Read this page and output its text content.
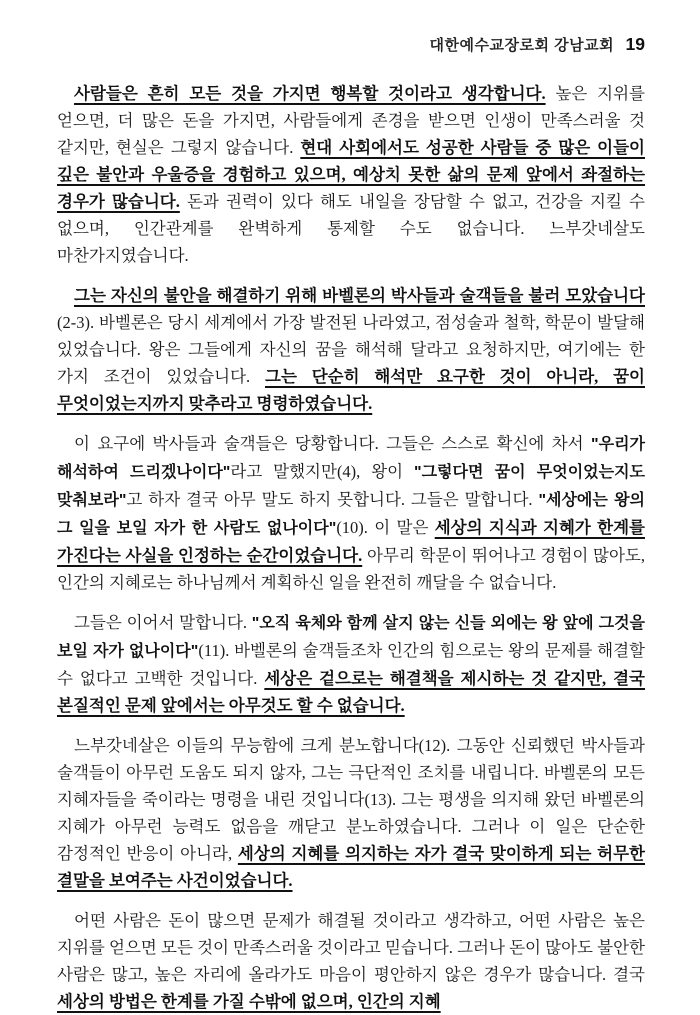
대한예수교장로회 강남교회 19

사람들은 흔히 모든 것을 가지면 행복할 것이라고 생각합니다. 높은 지위를 얻으면, 더 많은 돈을 가지면, 사람들에게 존경을 받으면 인생이 만족스러울 것 같지만, 현실은 그렇지 않습니다. 현대 사회에서도 성공한 사람들 중 많은 이들이 깊은 불안과 우울증을 경험하고 있으며, 예상치 못한 삶의 문제 앞에서 좌절하는 경우가 많습니다. 돈과 권력이 있다 해도 내일을 장담할 수 없고, 건강을 지킬 수 없으며, 인간관계를 완벽하게 통제할 수도 없습니다. 느부갓네살도 마찬가지였습니다.

그는 자신의 불안을 해결하기 위해 바벨론의 박사들과 술객들을 불러 모았습니다(2-3). 바벨론은 당시 세계에서 가장 발전된 나라였고, 점성술과 철학, 학문이 발달해 있었습니다. 왕은 그들에게 자신의 꿈을 해석해 달라고 요청하지만, 여기에는 한 가지 조건이 있었습니다. 그는 단순히 해석만 요구한 것이 아니라, 꿈이 무엇이었는지까지 맞추라고 명령하였습니다.

이 요구에 박사들과 술객들은 당황합니다. 그들은 스스로 확신에 차서 "우리가 해석하여 드리겠나이다"라고 말했지만(4), 왕이 "그렇다면 꿈이 무엇이었는지도 맞춰보라"고 하자 결국 아무 말도 하지 못합니다. 그들은 말합니다. "세상에는 왕의 그 일을 보일 자가 한 사람도 없나이다"(10). 이 말은 세상의 지식과 지혜가 한계를 가진다는 사실을 인정하는 순간이었습니다. 아무리 학문이 뛰어나고 경험이 많아도, 인간의 지혜로는 하나님께서 계획하신 일을 완전히 깨달을 수 없습니다.

그들은 이어서 말합니다. "오직 육체와 함께 살지 않는 신들 외에는 왕 앞에 그것을 보일 자가 없나이다"(11). 바벨론의 술객들조차 인간의 힘으로는 왕의 문제를 해결할 수 없다고 고백한 것입니다. 세상은 겉으로는 해결책을 제시하는 것 같지만, 결국 본질적인 문제 앞에서는 아무것도 할 수 없습니다.

느부갓네살은 이들의 무능함에 크게 분노합니다(12). 그동안 신뢰했던 박사들과 술객들이 아무런 도움도 되지 않자, 그는 극단적인 조치를 내립니다. 바벨론의 모든 지혜자들을 죽이라는 명령을 내린 것입니다(13). 그는 평생을 의지해 왔던 바벨론의 지혜가 아무런 능력도 없음을 깨닫고 분노하였습니다. 그러나 이 일은 단순한 감정적인 반응이 아니라, 세상의 지혜를 의지하는 자가 결국 맞이하게 되는 허무한 결말을 보여주는 사건이었습니다.

어떤 사람은 돈이 많으면 문제가 해결될 것이라고 생각하고, 어떤 사람은 높은 지위를 얻으면 모든 것이 만족스러울 것이라고 믿습니다. 그러나 돈이 많아도 불안한 사람은 많고, 높은 자리에 올라가도 마음이 평안하지 않은 경우가 많습니다. 결국 세상의 방법은 한계를 가질 수밖에 없으며, 인간의 지혜
